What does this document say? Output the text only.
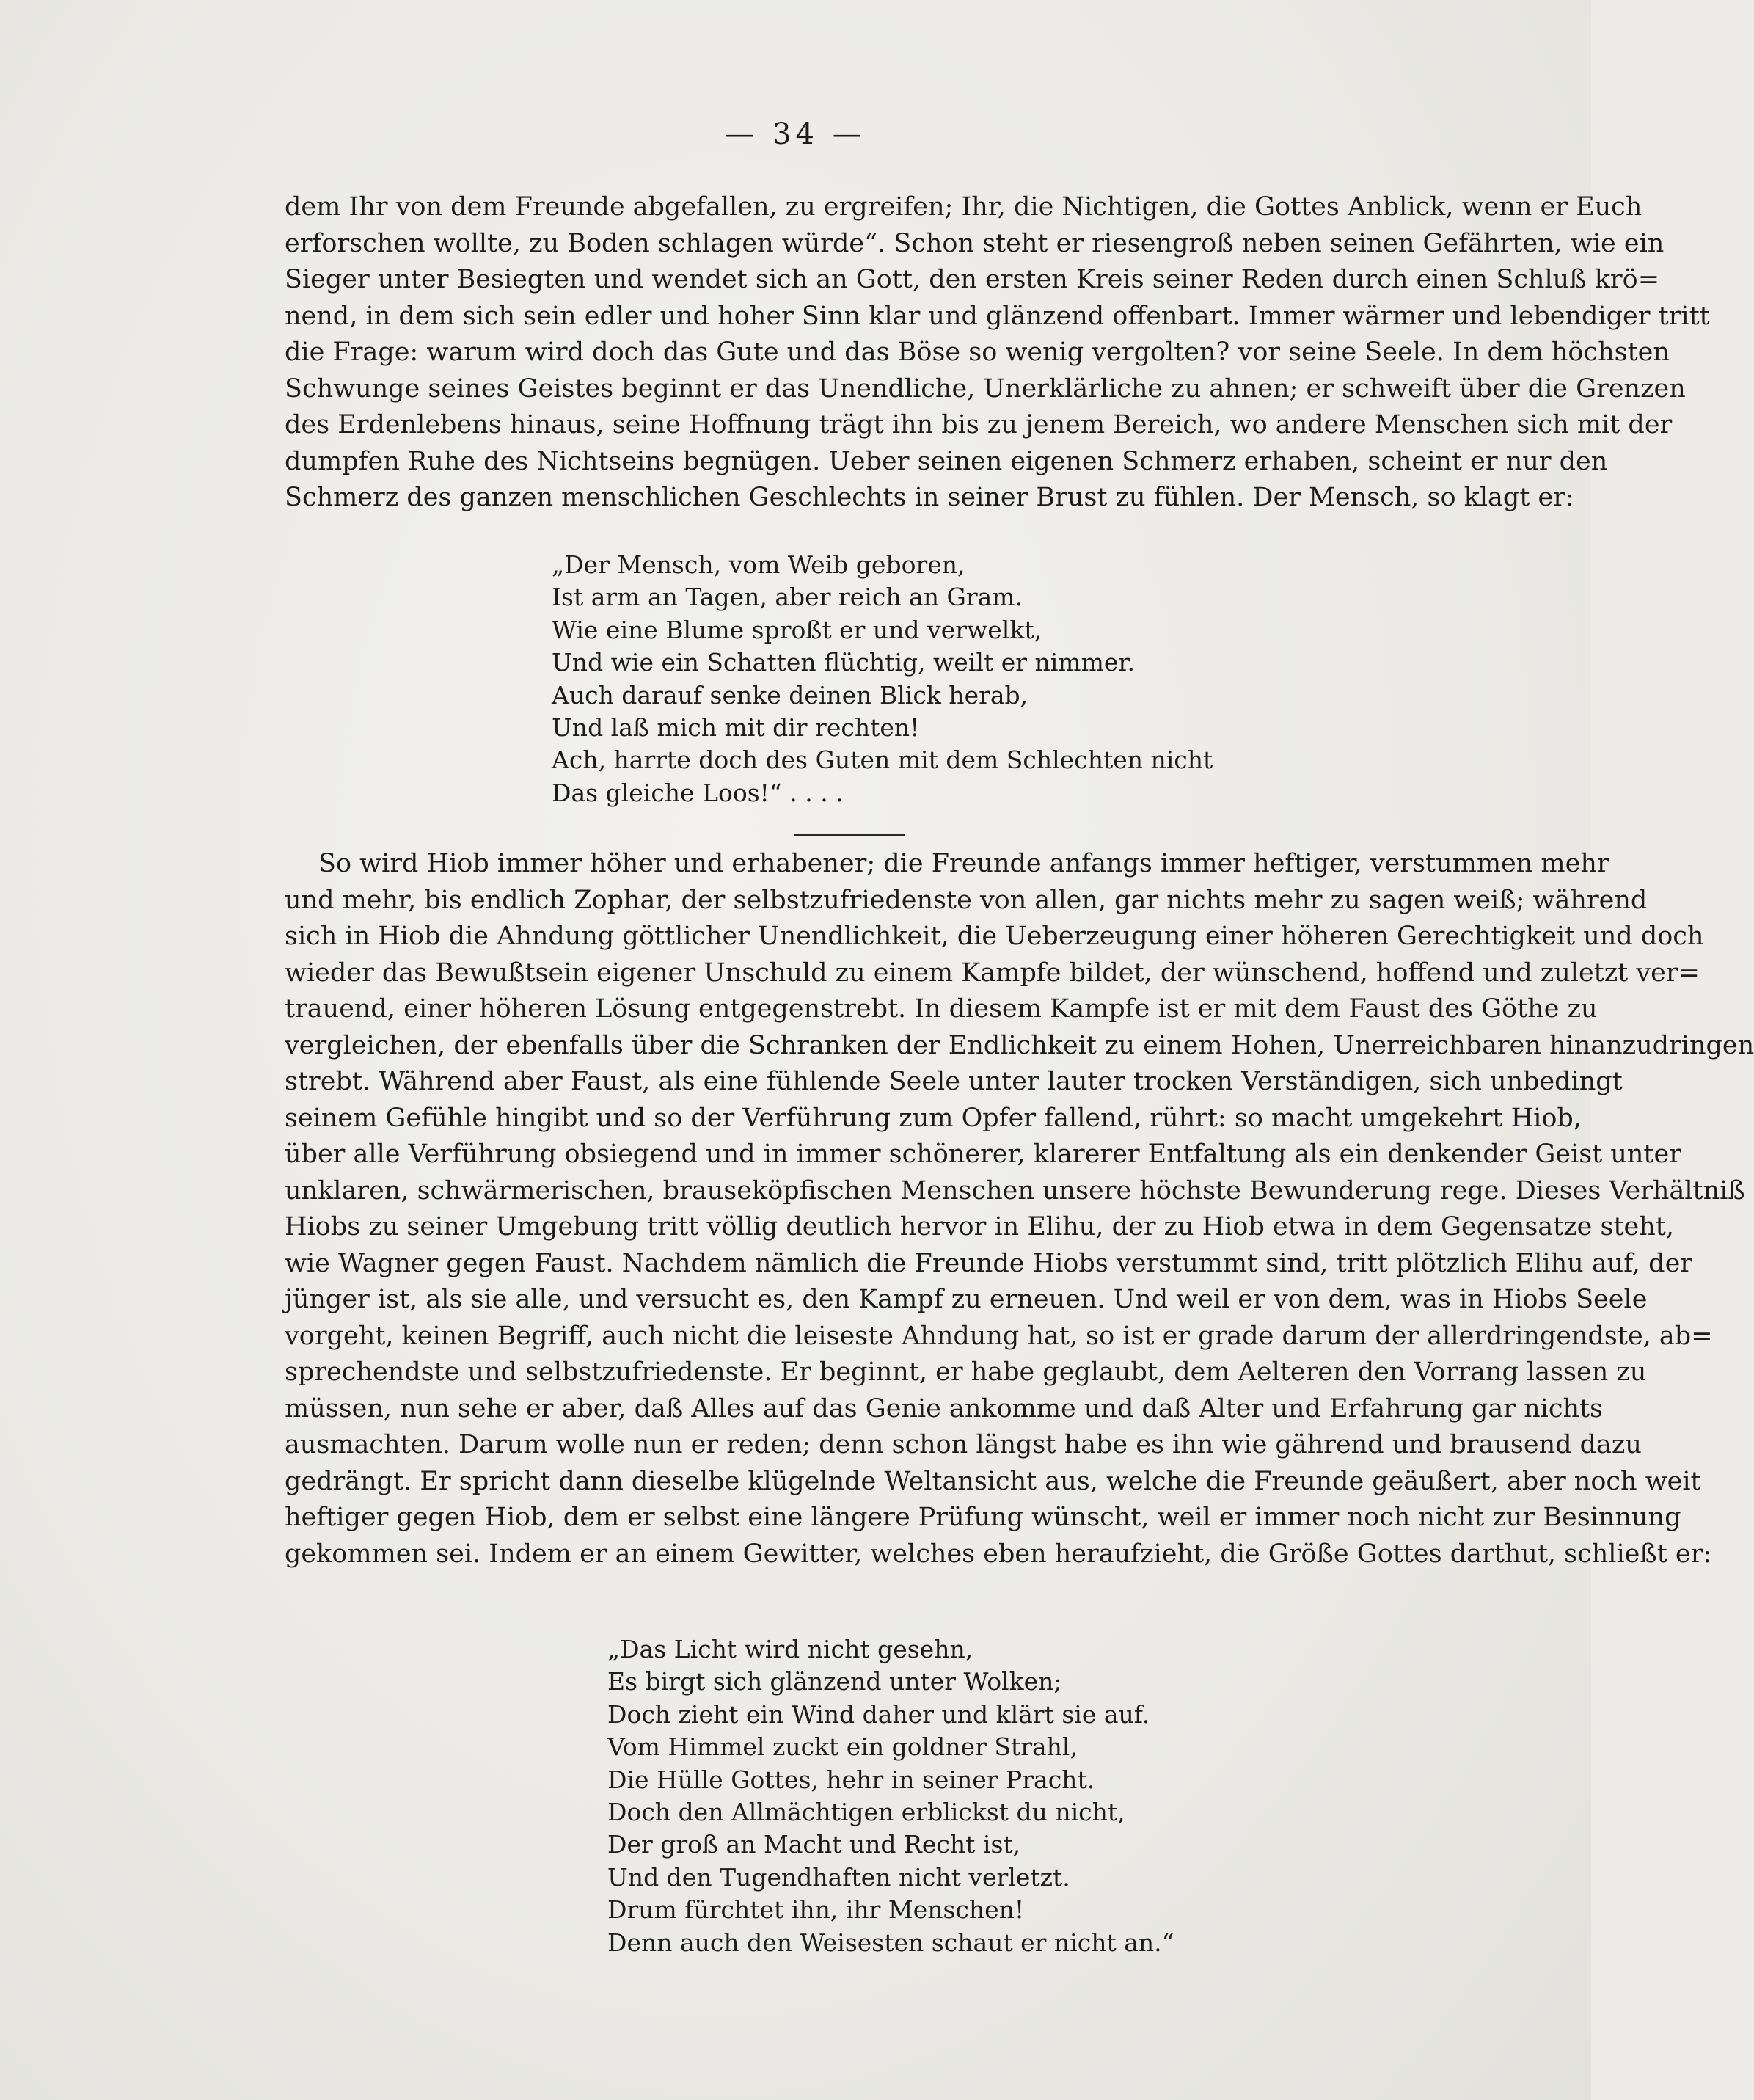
— 34 —
dem Ihr von dem Freunde abgefallen, zu ergreifen; Ihr, die Nichtigen, die Gottes Anblick, wenn er Euch
erforschen wollte, zu Boden schlagen würde“. Schon steht er riesengroß neben seinen Gefährten, wie ein
Sieger unter Besiegten und wendet sich an Gott, den ersten Kreis seiner Reden durch einen Schluß krö=
nend, in dem sich sein edler und hoher Sinn klar und glänzend offenbart. Immer wärmer und lebendiger tritt
die Frage: warum wird doch das Gute und das Böse so wenig vergolten? vor seine Seele. In dem höchsten
Schwunge seines Geistes beginnt er das Unendliche, Unerklärliche zu ahnen; er schweift über die Grenzen
des Erdenlebens hinaus, seine Hoffnung trägt ihn bis zu jenem Bereich, wo andere Menschen sich mit der
dumpfen Ruhe des Nichtseins begnügen. Ueber seinen eigenen Schmerz erhaben, scheint er nur den
Schmerz des ganzen menschlichen Geschlechts in seiner Brust zu fühlen. Der Mensch, so klagt er:
„Der Mensch, vom Weib geboren,
Ist arm an Tagen, aber reich an Gram.
Wie eine Blume sproßt er und verwelkt,
Und wie ein Schatten flüchtig, weilt er nimmer.
Auch darauf senke deinen Blick herab,
Und laß mich mit dir rechten!
Ach, harrte doch des Guten mit dem Schlechten nicht
Das gleiche Loos!“ . . . .
So wird Hiob immer höher und erhabener; die Freunde anfangs immer heftiger, verstummen mehr
und mehr, bis endlich Zophar, der selbstzufriedenste von allen, gar nichts mehr zu sagen weiß; während
sich in Hiob die Ahndung göttlicher Unendlichkeit, die Ueberzeugung einer höheren Gerechtigkeit und doch
wieder das Bewußtsein eigener Unschuld zu einem Kampfe bildet, der wünschend, hoffend und zuletzt ver=
trauend, einer höheren Lösung entgegenstrebt. In diesem Kampfe ist er mit dem Faust des Göthe zu
vergleichen, der ebenfalls über die Schranken der Endlichkeit zu einem Hohen, Unerreichbaren hinanzudringen
strebt. Während aber Faust, als eine fühlende Seele unter lauter trocken Verständigen, sich unbedingt
seinem Gefühle hingibt und so der Verführung zum Opfer fallend, rührt: so macht umgekehrt Hiob,
über alle Verführung obsiegend und in immer schönerer, klarerer Entfaltung als ein denkender Geist unter
unklaren, schwärmerischen, brauseköpfischen Menschen unsere höchste Bewunderung rege. Dieses Verhältniß
Hiobs zu seiner Umgebung tritt völlig deutlich hervor in Elihu, der zu Hiob etwa in dem Gegensatze steht,
wie Wagner gegen Faust. Nachdem nämlich die Freunde Hiobs verstummt sind, tritt plötzlich Elihu auf, der
jünger ist, als sie alle, und versucht es, den Kampf zu erneuen. Und weil er von dem, was in Hiobs Seele
vorgeht, keinen Begriff, auch nicht die leiseste Ahndung hat, so ist er grade darum der allerdringendste, ab=
sprechendste und selbstzufriedenste. Er beginnt, er habe geglaubt, dem Aelteren den Vorrang lassen zu
müssen, nun sehe er aber, daß Alles auf das Genie ankomme und daß Alter und Erfahrung gar nichts
ausmachten. Darum wolle nun er reden; denn schon längst habe es ihn wie gährend und brausend dazu
gedrängt. Er spricht dann dieselbe klügelnde Weltansicht aus, welche die Freunde geäußert, aber noch weit
heftiger gegen Hiob, dem er selbst eine längere Prüfung wünscht, weil er immer noch nicht zur Besinnung
gekommen sei. Indem er an einem Gewitter, welches eben heraufzieht, die Größe Gottes darthut, schließt er:
„Das Licht wird nicht gesehn,
Es birgt sich glänzend unter Wolken;
Doch zieht ein Wind daher und klärt sie auf.
Vom Himmel zuckt ein goldner Strahl,
Die Hülle Gottes, hehr in seiner Pracht.
Doch den Allmächtigen erblickst du nicht,
Der groß an Macht und Recht ist,
Und den Tugendhaften nicht verletzt.
Drum fürchtet ihn, ihr Menschen!
Denn auch den Weisesten schaut er nicht an.“
